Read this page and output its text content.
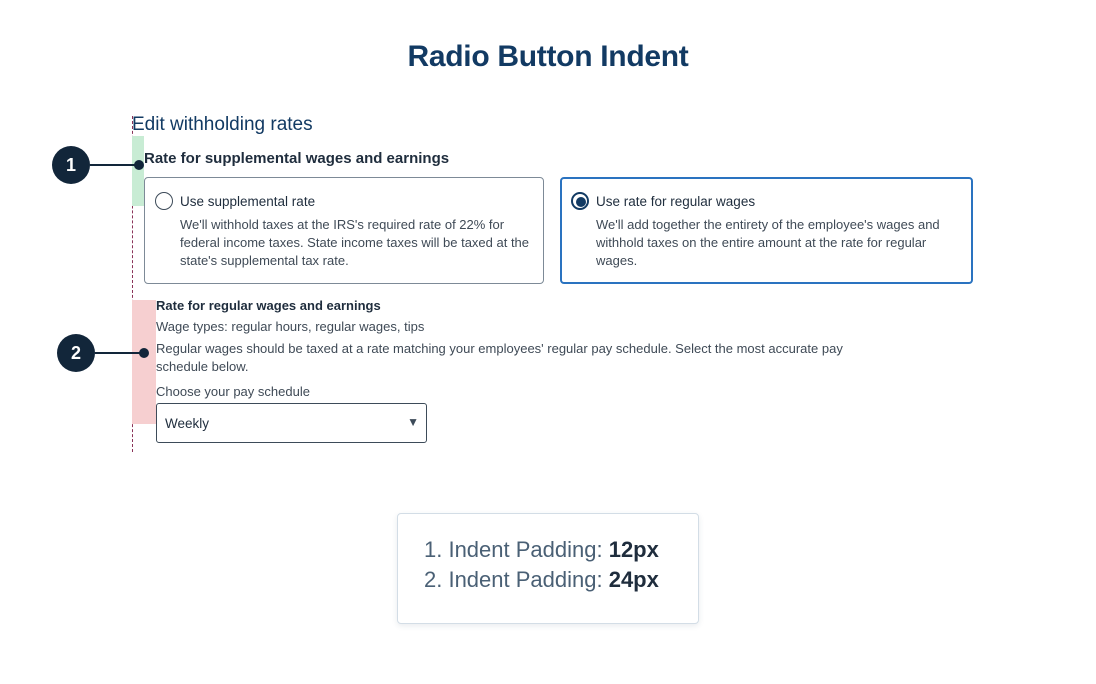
Radio Button Indent
Edit withholding rates
Rate for supplemental wages and earnings
Use supplemental rate
We'll withhold taxes at the IRS's required rate of 22% for federal income taxes. State income taxes will be taxed at the state's supplemental tax rate.
Use rate for regular wages
We'll add together the entirety of the employee's wages and withhold taxes on the entire amount at the rate for regular wages.
Rate for regular wages and earnings
Wage types: regular hours, regular wages, tips
Regular wages should be taxed at a rate matching your employees' regular pay schedule. Select the most accurate pay schedule below.
Choose your pay schedule
Weekly	▼
1
2
1. Indent Padding: 12px
2. Indent Padding: 24px
